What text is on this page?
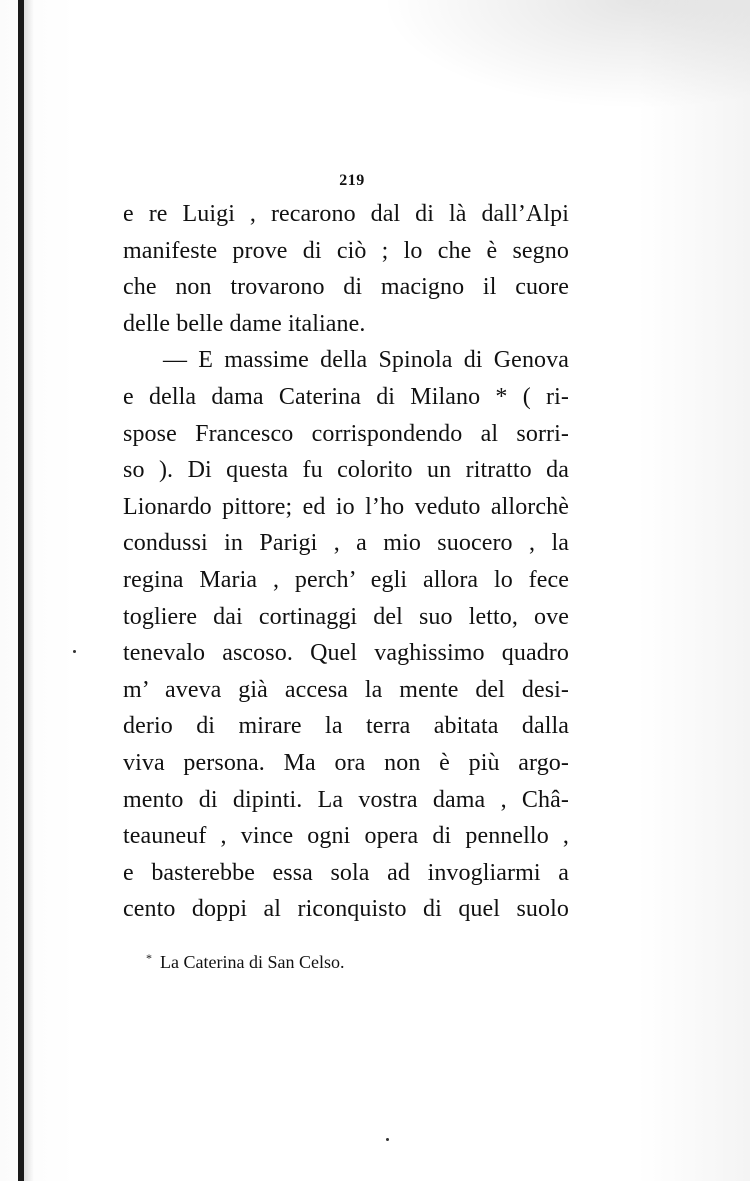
219
e re Luigi , recarono dal di là dall’Alpi
manifeste prove di ciò ; lo che è segno
che non trovarono di macigno il cuore
delle belle dame italiane.
— E massime della Spinola di Genova
e della dama Caterina di Milano * ( ri-
spose Francesco corrispondendo al sorri-
so ). Di questa fu colorito un ritratto da
Lionardo pittore; ed io l’ho veduto allorchè
condussi in Parigi , a mio suocero , la
regina Maria , perch’ egli allora lo fece
togliere dai cortinaggi del suo letto, ove
tenevalo ascoso. Quel vaghissimo quadro
m’ aveva già accesa la mente del desi-
derio di mirare la terra abitata dalla
viva persona. Ma ora non è più argo-
mento di dipinti. La vostra dama , Châ-
teauneuf , vince ogni opera di pennello ,
e basterebbe essa sola ad invogliarmi a
cento doppi al riconquisto di quel suolo
* La Caterina di San Celso.
